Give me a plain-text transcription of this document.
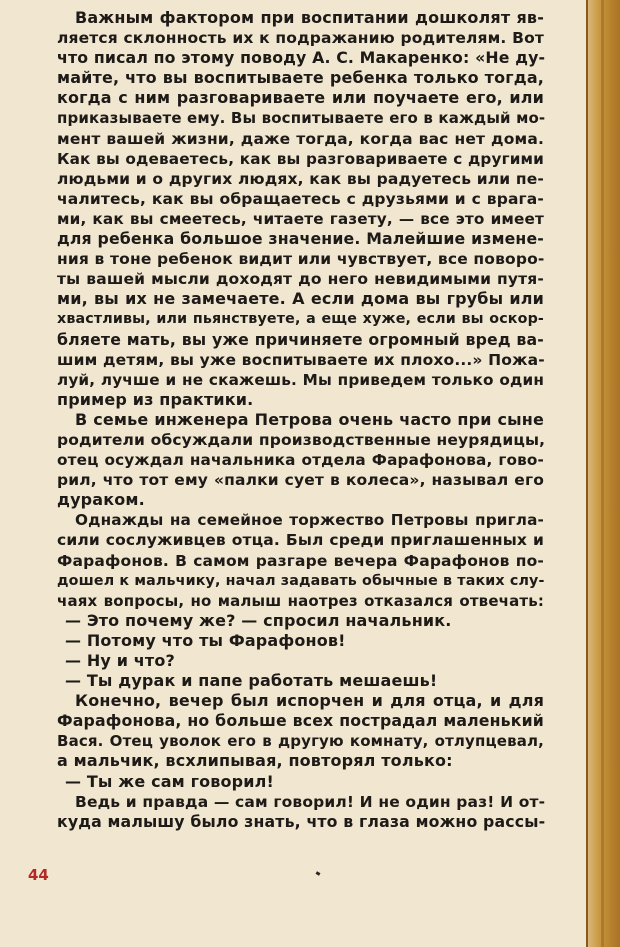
Важным фактором при воспитании дошколят яв-
ляется склонность их к подражанию родителям. Вот
что писал по этому поводу А. С. Макаренко: «Не ду-
майте, что вы воспитываете ребенка только тогда,
когда с ним разговариваете или поучаете его, или
приказываете ему. Вы воспитываете его в каждый мо-
мент вашей жизни, даже тогда, когда вас нет дома.
Как вы одеваетесь, как вы разговариваете с другими
людьми и о других людях, как вы радуетесь или пе-
чалитесь, как вы обращаетесь с друзьями и с врага-
ми, как вы смеетесь, читаете газету, — все это имеет
для ребенка большое значение. Малейшие измене-
ния в тоне ребенок видит или чувствует, все поворо-
ты вашей мысли доходят до него невидимыми путя-
ми, вы их не замечаете. А если дома вы грубы или
хвастливы, или пьянствуете, а еще хуже, если вы оскор-
бляете мать, вы уже причиняете огромный вред ва-
шим детям, вы уже воспитываете их плохо...» Пожа-
луй, лучше и не скажешь. Мы приведем только один
пример из практики.
В семье инженера Петрова очень часто при сыне
родители обсуждали производственные неурядицы,
отец осуждал начальника отдела Фарафонова, гово-
рил, что тот ему «палки сует в колеса», называл его
дураком.
Однажды на семейное торжество Петровы пригла-
сили сослуживцев отца. Был среди приглашенных и
Фарафонов. В самом разгаре вечера Фарафонов по-
дошел к мальчику, начал задавать обычные в таких слу-
чаях вопросы, но малыш наотрез отказался отвечать:
— Это почему же? — спросил начальник.
— Потому что ты Фарафонов!
— Ну и что?
— Ты дурак и папе работать мешаешь!
Конечно, вечер был испорчен и для отца, и для
Фарафонова, но больше всех пострадал маленький
Вася. Отец уволок его в другую комнату, отлупцевал,
а мальчик, всхлипывая, повторял только:
— Ты же сам говорил!
Ведь и правда — сам говорил! И не один раз! И от-
куда малышу было знать, что в глаза можно рассы-
44
